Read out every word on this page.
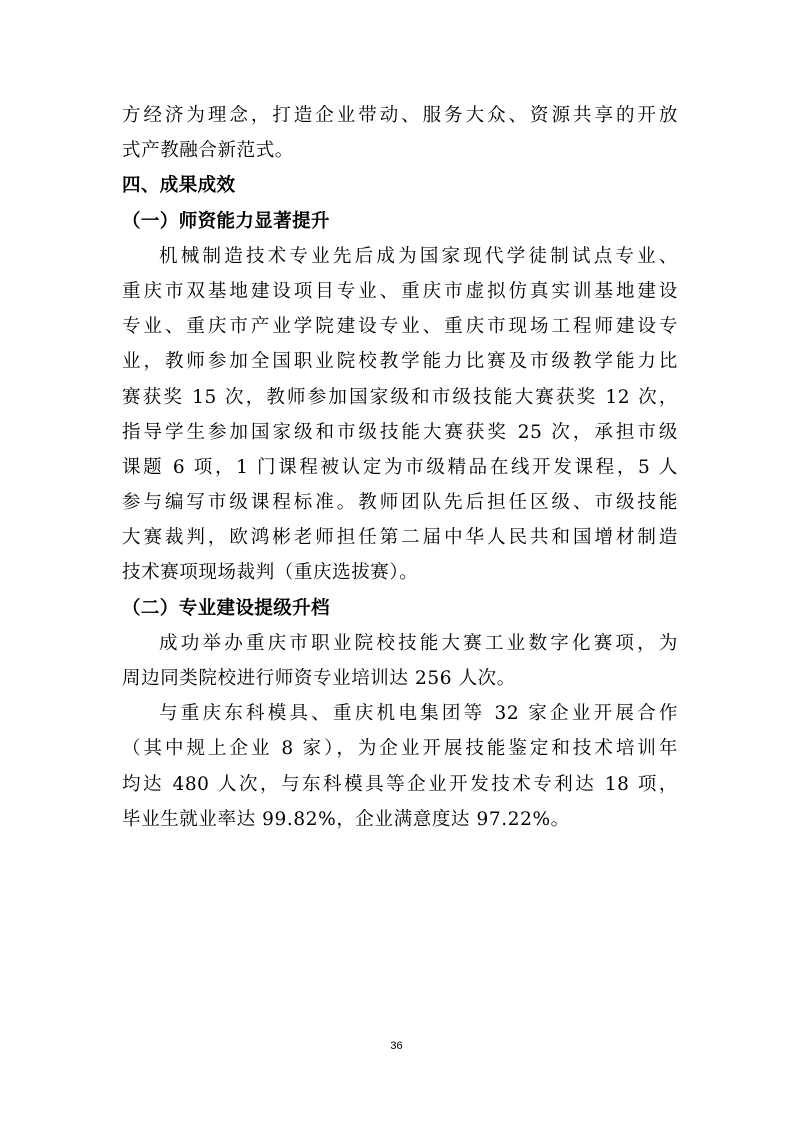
方经济为理念，打造企业带动、服务大众、资源共享的开放
式产教融合新范式。
四、成果成效
（一）师资能力显著提升
机械制造技术专业先后成为国家现代学徒制试点专业、
重庆市双基地建设项目专业、重庆市虚拟仿真实训基地建设
专业、重庆市产业学院建设专业、重庆市现场工程师建设专
业，教师参加全国职业院校教学能力比赛及市级教学能力比
赛获奖 15 次，教师参加国家级和市级技能大赛获奖 12 次，
指导学生参加国家级和市级技能大赛获奖 25 次，承担市级
课题 6 项，1 门课程被认定为市级精品在线开发课程，5 人
参与编写市级课程标准。教师团队先后担任区级、市级技能
大赛裁判，欧鸿彬老师担任第二届中华人民共和国增材制造
技术赛项现场裁判（重庆选拔赛）。
（二）专业建设提级升档
成功举办重庆市职业院校技能大赛工业数字化赛项，为
周边同类院校进行师资专业培训达 256 人次。
与重庆东科模具、重庆机电集团等 32 家企业开展合作
（其中规上企业 8 家），为企业开展技能鉴定和技术培训年
均达 480 人次，与东科模具等企业开发技术专利达 18 项，
毕业生就业率达 99.82%，企业满意度达 97.22%。
36
